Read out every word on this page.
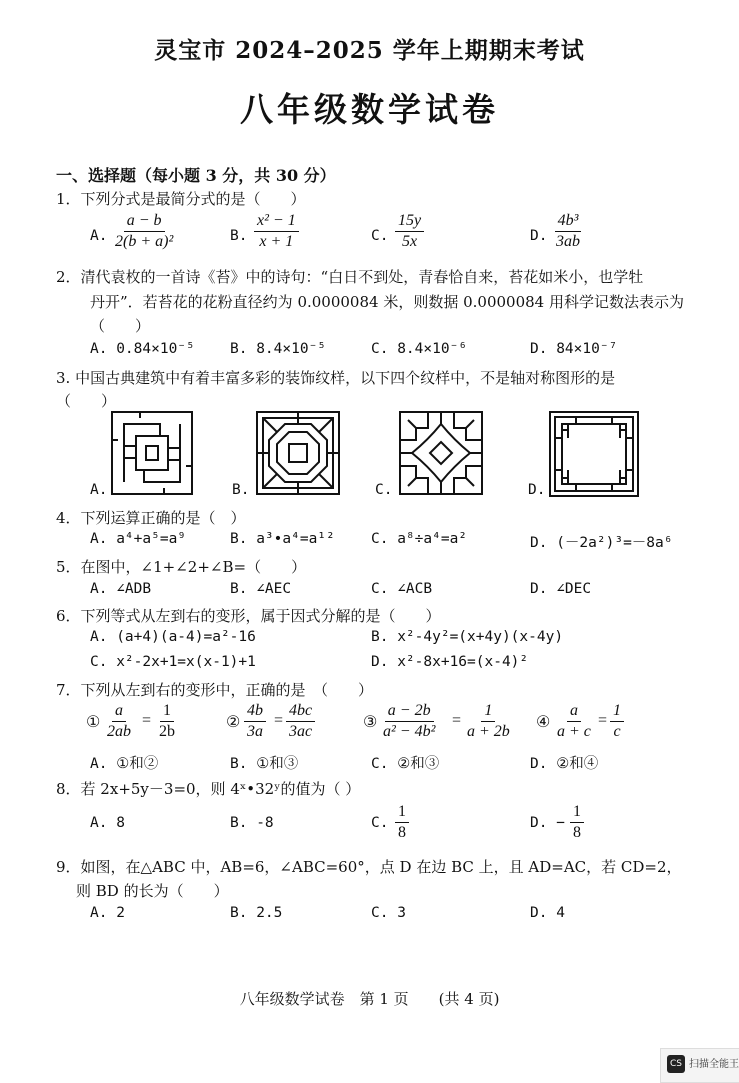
灵宝市 2024–2025 学年上期期末考试
八年级数学试卷
一、选择题（每小题 3 分，共 30 分）
1．下列分式是最简分式的是（　　）
A. $\frac{a - b}{\text{2(b + a)²}}$	B. $\frac{\text{x² − 1}}{x + 1}$	C. $\frac{15y}{5x}$	D. $\frac{\text{4b³}}{3ab}$
2．清代袁枚的一首诗《苔》中的诗句：“白日不到处，青春恰自来，苔花如米小，也学牡
丹开”．若苔花的花粉直径约为 0.0000084 米，则数据 0.0000084 用科学记数法表示为
（　　）
A. 0.84×10⁻⁵ B. 8.4×10⁻⁵	C. 8.4×10⁻⁶	D. 84×10⁻⁷
3. 中国古典建筑中有着丰富多彩的装饰纹样，以下四个纹样中，不是轴对称图形的是
（　　）
A.	B.	C.	D.
4．下列运算正确的是（　）
A. a⁴+a⁵=a⁹	B. a³•a⁴=a¹² C. a⁸÷a⁴=a²	D. (－2a²)³=－8a⁶
5．在图中，∠1+∠2+∠B=（　　）
A. ∠ADB	B. ∠AEC	C. ∠ACB	D. ∠DEC
6．下列等式从左到右的变形，属于因式分解的是（　　）
A. (a+4)(a-4)=a²-16	B. x²-4y²=(x+4y)(x-4y)
C. x²-2x+1=x(x-1)+1	D. x²-8x+16=(x-4)²
7．下列从左到右的变形中，正确的是　（　　）
① $\frac{a}{2ab} = \frac{1}{2b}$	② $\frac{4b}{3a} = \frac{4bc}{3ac}$	③ $\frac{a - 2b}{\text{a² − 4b²}} = \frac{1}{a + 2b}$ ④ $\frac{a}{a + c} = \frac{1}{c}$
A. ①和②	B. ①和③	C. ②和③	D. ②和④
8．若 2x+5y－3=0，则 4ˣ•32ʸ的值为（ ）
A. 8	B. -8	C. $\frac{1}{8}$	D. − $\frac{1}{8}$
9．如图，在△ABC 中，AB=6，∠ABC=60°，点 D 在边 BC 上，且 AD=AC，若 CD=2，
则 BD 的长为（　　）
A. 2	B. 2.5	C. 3	D. 4
八年级数学试卷　第 1 页　　(共 4 页)
CS 扫描全能王
